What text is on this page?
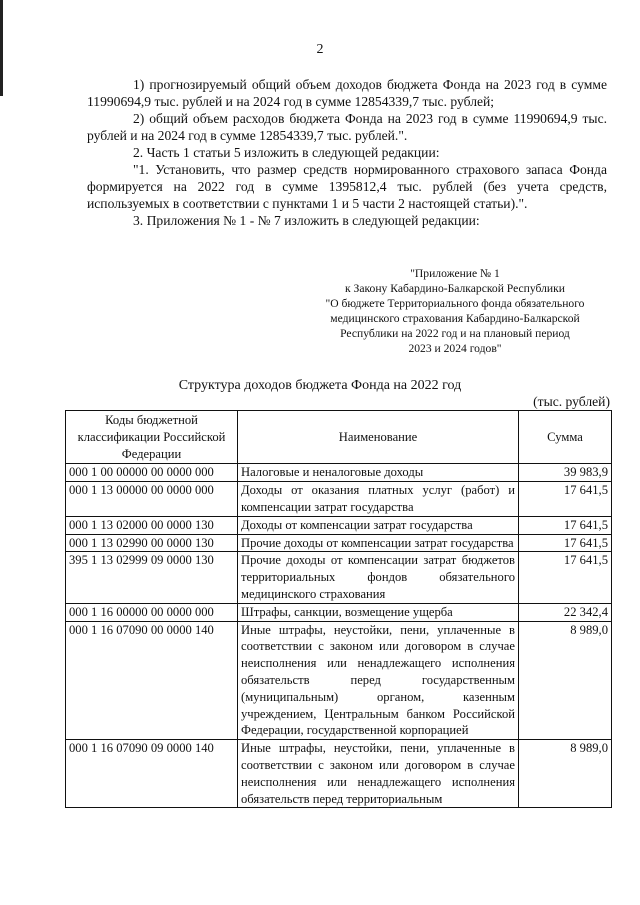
2

1) прогнозируемый общий объем доходов бюджета Фонда на 2023 год в сумме 11990694,9 тыс. рублей и на 2024 год в сумме 12854339,7 тыс. рублей;

2) общий объем расходов бюджета Фонда на 2023 год в сумме 11990694,9 тыс. рублей и на 2024 год в сумме 12854339,7 тыс. рублей.".

2. Часть 1 статьи 5 изложить в следующей редакции:

"1. Установить, что размер средств нормированного страхового запаса Фонда формируется на 2022 год в сумме 1395812,4 тыс. рублей (без учета средств, используемых в соответствии с пунктами 1 и 5 части 2 настоящей статьи).".

3. Приложения № 1 - № 7 изложить в следующей редакции:

"Приложение № 1
к Закону Кабардино-Балкарской Республики
"О бюджете Территориального фонда обязательного
медицинского страхования Кабардино-Балкарской
Республики на 2022 год и на плановый период
2023 и 2024 годов"
Структура доходов бюджета Фонда на 2022 год
(тыс. рублей)
Коды бюджетной классификации Российской Федерации	Наименование	Сумма
000 1 00 00000 00 0000 000	Налоговые и неналоговые доходы	39 983,9
000 1 13 00000 00 0000 000	Доходы от оказания платных услуг (работ) и компенсации затрат государства	17 641,5
000 1 13 02000 00 0000 130	Доходы от компенсации затрат государства	17 641,5
000 1 13 02990 00 0000 130	Прочие доходы от компенсации затрат государства	17 641,5
395 1 13 02999 09 0000 130	Прочие доходы от компенсации затрат бюджетов территориальных фондов обязательного медицинского страхования	17 641,5
000 1 16 00000 00 0000 000	Штрафы, санкции, возмещение ущерба	22 342,4
000 1 16 07090 00 0000 140	Иные штрафы, неустойки, пени, уплаченные в соответствии с законом или договором в случае неисполнения или ненадлежащего исполнения обязательств перед государственным (муниципальным) органом, казенным учреждением, Центральным банком Российской Федерации, государственной корпорацией	8 989,0
000 1 16 07090 09 0000 140	Иные штрафы, неустойки, пени, уплаченные в соответствии с законом или договором в случае неисполнения или ненадлежащего исполнения обязательств перед территориальным	8 989,0
